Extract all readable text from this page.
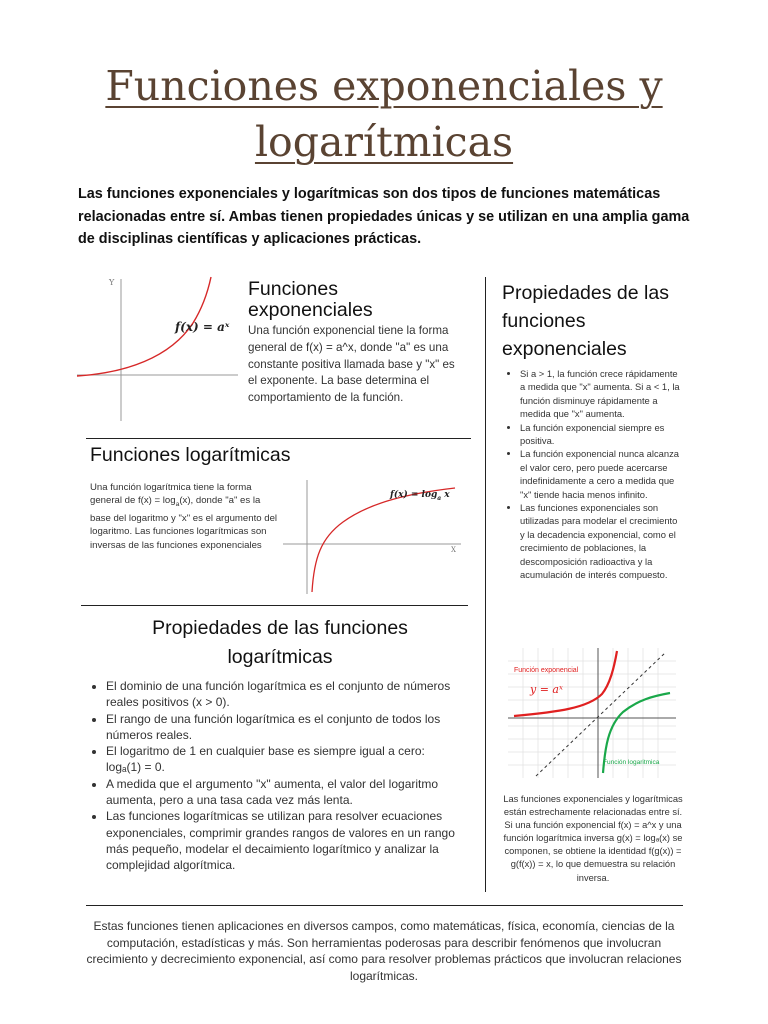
Funciones exponenciales y logarítmicas

Las funciones exponenciales y logarítmicas son dos tipos de funciones matemáticas relacionadas entre sí. Ambas tienen propiedades únicas y se utilizan en una amplia gama de disciplinas científicas y aplicaciones prácticas.

Y
f(x) = aˣ
Funciones exponenciales

Una función exponencial tiene la forma general de f(x) = a^x, donde "a" es una constante positiva llamada base y "x" es el exponente. La base determina el comportamiento de la función.

Funciones logarítmicas

Una función logarítmica tiene la forma general de $f(x) = \log_a(x)$, donde "a" es la base del logaritmo y "x" es el argumento del logaritmo. Las funciones logarítmicas son inversas de las funciones exponenciales	X
$f(x) = \log_a x$
Propiedades de las funciones logarítmicas
• El dominio de una función logarítmica es el conjunto de números reales positivos (x > 0).
• El rango de una función logarítmica es el conjunto de todos los números reales.
• El logaritmo de 1 en cualquier base es siempre igual a cero: logₐ(1) = 0.
• A medida que el argumento "x" aumenta, el valor del logaritmo aumenta, pero a una tasa cada vez más lenta.
• Las funciones logarítmicas se utilizan para resolver ecuaciones exponenciales, comprimir grandes rangos de valores en un rango más pequeño, modelar el decaimiento logarítmico y analizar la complejidad algorítmica.
Propiedades de las funciones exponenciales
• Si a > 1, la función crece rápidamente a medida que "x" aumenta. Si a < 1, la función disminuye rápidamente a medida que "x" aumenta.
• La función exponencial siempre es positiva.
• La función exponencial nunca alcanza el valor cero, pero puede acercarse indefinidamente a cero a medida que "x" tiende hacia menos infinito.
• Las funciones exponenciales son utilizadas para modelar el crecimiento y la decadencia exponencial, como el crecimiento de poblaciones, la descomposición radioactiva y la acumulación de interés compuesto.
Función exponencial
y = aˣ
Función logaritmica

Las funciones exponenciales y logarítmicas están estrechamente relacionadas entre sí. Si una función exponencial f(x) = a^x y una función logarítmica inversa g(x) = logₐ(x) se componen, se obtiene la identidad f(g(x)) = g(f(x)) = x, lo que demuestra su relación inversa.

Estas funciones tienen aplicaciones en diversos campos, como matemáticas, física, economía, ciencias de la computación, estadísticas y más. Son herramientas poderosas para describir fenómenos que involucran crecimiento y decrecimiento exponencial, así como para resolver problemas prácticos que involucran relaciones logarítmicas.
